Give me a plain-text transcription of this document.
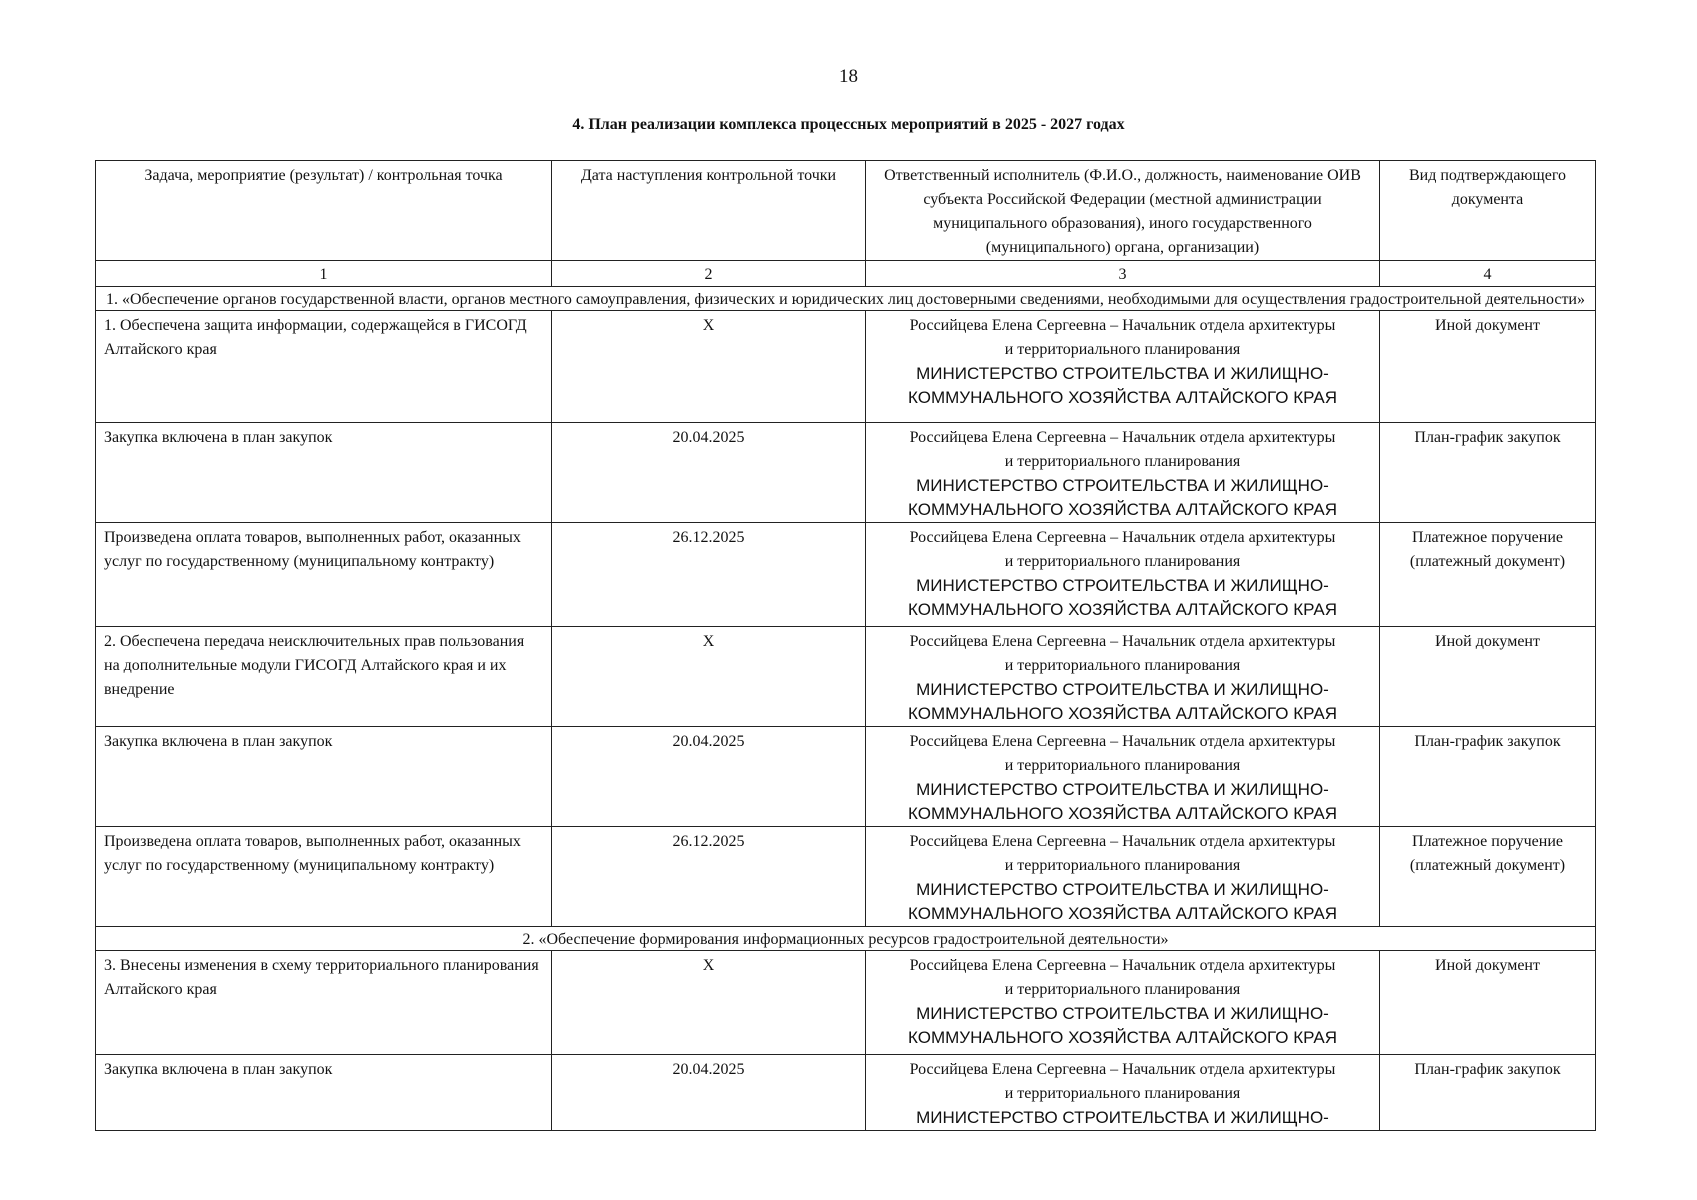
18
4. План реализации комплекса процессных мероприятий в 2025 - 2027 годах
Задача, мероприятие (результат) / контрольная точка	Дата наступления контрольной точки	Ответственный исполнитель (Ф.И.О., должность, наименование ОИВ субъекта Российской Федерации (местной администрации муниципального образования), иного государственного (муниципального) органа, организации)	Вид подтверждающего документа
1	2	3	4
1. «Обеспечение органов государственной власти, органов местного самоуправления, физических и юридических лиц достоверными сведениями, необходимыми для осуществления градостроительной деятельности»			
1. Обеспечена защита информации, содержащейся в ГИСОГД Алтайского края	X	Российцева Елена Сергеевна – Начальник отдела архитектуры
и территориального планирования
МИНИСТЕРСТВО СТРОИТЕЛЬСТВА И ЖИЛИЩНО-КОММУНАЛЬНОГО ХОЗЯЙСТВА АЛТАЙСКОГО КРАЯ	Иной документ
Закупка включена в план закупок	20.04.2025	Российцева Елена Сергеевна – Начальник отдела архитектуры
и территориального планирования
МИНИСТЕРСТВО СТРОИТЕЛЬСТВА И ЖИЛИЩНО-КОММУНАЛЬНОГО ХОЗЯЙСТВА АЛТАЙСКОГО КРАЯ	План-график закупок
Произведена оплата товаров, выполненных работ, оказанных услуг по государственному (муниципальному контракту)	26.12.2025	Российцева Елена Сергеевна – Начальник отдела архитектуры
и территориального планирования
МИНИСТЕРСТВО СТРОИТЕЛЬСТВА И ЖИЛИЩНО-КОММУНАЛЬНОГО ХОЗЯЙСТВА АЛТАЙСКОГО КРАЯ	Платежное поручение (платежный документ)
2. Обеспечена передача неисключительных прав пользования на дополнительные модули ГИСОГД Алтайского края и их внедрение	X	Российцева Елена Сергеевна – Начальник отдела архитектуры
и территориального планирования
МИНИСТЕРСТВО СТРОИТЕЛЬСТВА И ЖИЛИЩНО-КОММУНАЛЬНОГО ХОЗЯЙСТВА АЛТАЙСКОГО КРАЯ	Иной документ
Закупка включена в план закупок	20.04.2025	Российцева Елена Сергеевна – Начальник отдела архитектуры
и территориального планирования
МИНИСТЕРСТВО СТРОИТЕЛЬСТВА И ЖИЛИЩНО-КОММУНАЛЬНОГО ХОЗЯЙСТВА АЛТАЙСКОГО КРАЯ	План-график закупок
Произведена оплата товаров, выполненных работ, оказанных услуг по государственному (муниципальному контракту)	26.12.2025	Российцева Елена Сергеевна – Начальник отдела архитектуры
и территориального планирования
МИНИСТЕРСТВО СТРОИТЕЛЬСТВА И ЖИЛИЩНО-КОММУНАЛЬНОГО ХОЗЯЙСТВА АЛТАЙСКОГО КРАЯ	Платежное поручение (платежный документ)
2. «Обеспечение формирования информационных ресурсов градостроительной деятельности»			
3. Внесены изменения в схему территориального планирования Алтайского края	X	Российцева Елена Сергеевна – Начальник отдела архитектуры
и территориального планирования
МИНИСТЕРСТВО СТРОИТЕЛЬСТВА И ЖИЛИЩНО-КОММУНАЛЬНОГО ХОЗЯЙСТВА АЛТАЙСКОГО КРАЯ	Иной документ
Закупка включена в план закупок	20.04.2025	Российцева Елена Сергеевна – Начальник отдела архитектуры
и территориального планирования
МИНИСТЕРСТВО СТРОИТЕЛЬСТВА И ЖИЛИЩНО-	План-график закупок
